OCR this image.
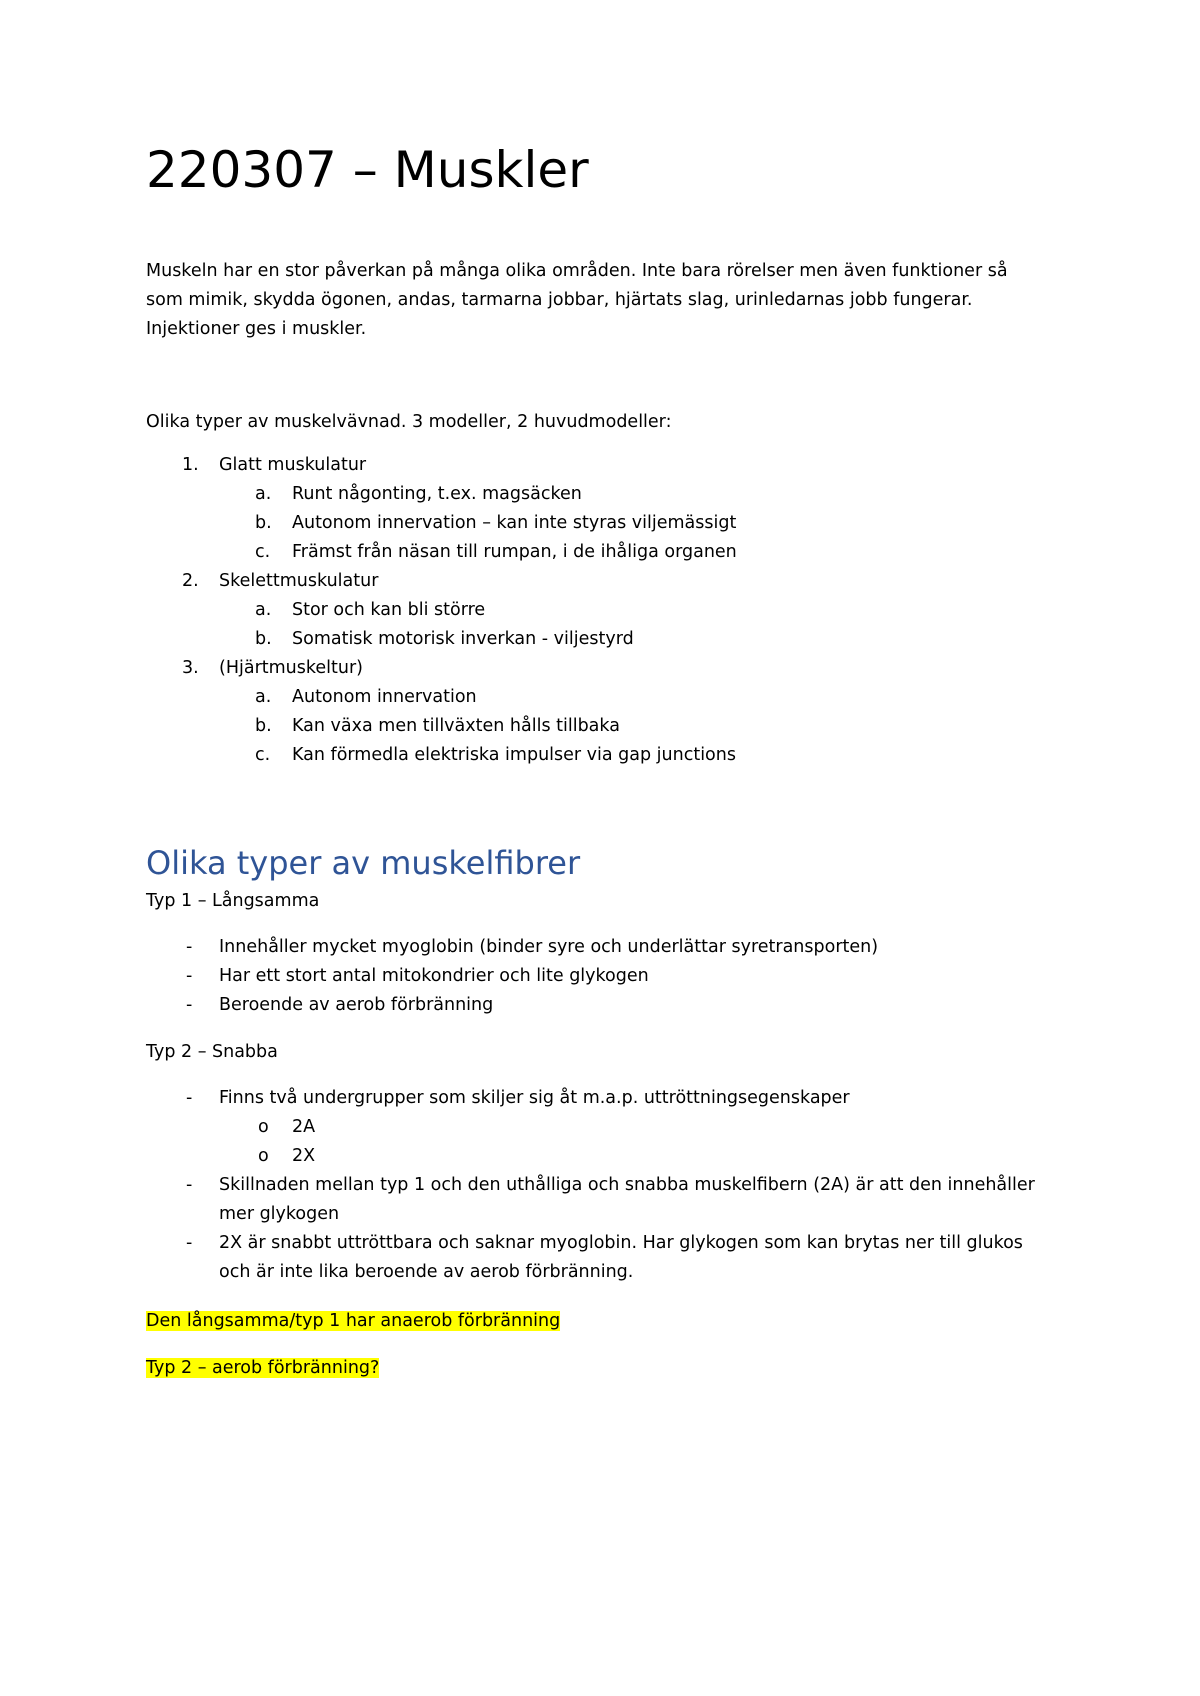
220307 – Muskler

Muskeln har en stor påverkan på många olika områden. Inte bara rörelser men även funktioner så
som mimik, skydda ögonen, andas, tarmarna jobbar, hjärtats slag, urinledarnas jobb fungerar.
Injektioner ges i muskler.

Olika typer av muskelvävnad. 3 modeller, 2 huvudmodeller:

1.	Glatt muskulatur
a.	Runt någonting, t.ex. magsäcken
b.	Autonom innervation – kan inte styras viljemässigt
c.	Främst från näsan till rumpan, i de ihåliga organen
2.	Skelettmuskulatur
a.	Stor och kan bli större
b.	Somatisk motorisk inverkan - viljestyrd
3.	(Hjärtmuskeltur)
a.	Autonom innervation
b.	Kan växa men tillväxten hålls tillbaka
c.	Kan förmedla elektriska impulser via gap junctions
Olika typer av muskelfibrer

Typ 1 – Långsamma

-	Innehåller mycket myoglobin (binder syre och underlättar syretransporten)
-	Har ett stort antal mitokondrier och lite glykogen
-	Beroende av aerob förbränning

Typ 2 – Snabba

-	Finns två undergrupper som skiljer sig åt m.a.p. uttröttningsegenskaper
o	2A
o	2X
- Skillnaden mellan typ 1 och den uthålliga och snabba muskelfibern (2A) är att den innehåller
mer glykogen
- 2X är snabbt uttröttbara och saknar myoglobin. Har glykogen som kan brytas ner till glukos
och är inte lika beroende av aerob förbränning.

Den långsamma/typ 1 har anaerob förbränning

Typ 2 – aerob förbränning?
